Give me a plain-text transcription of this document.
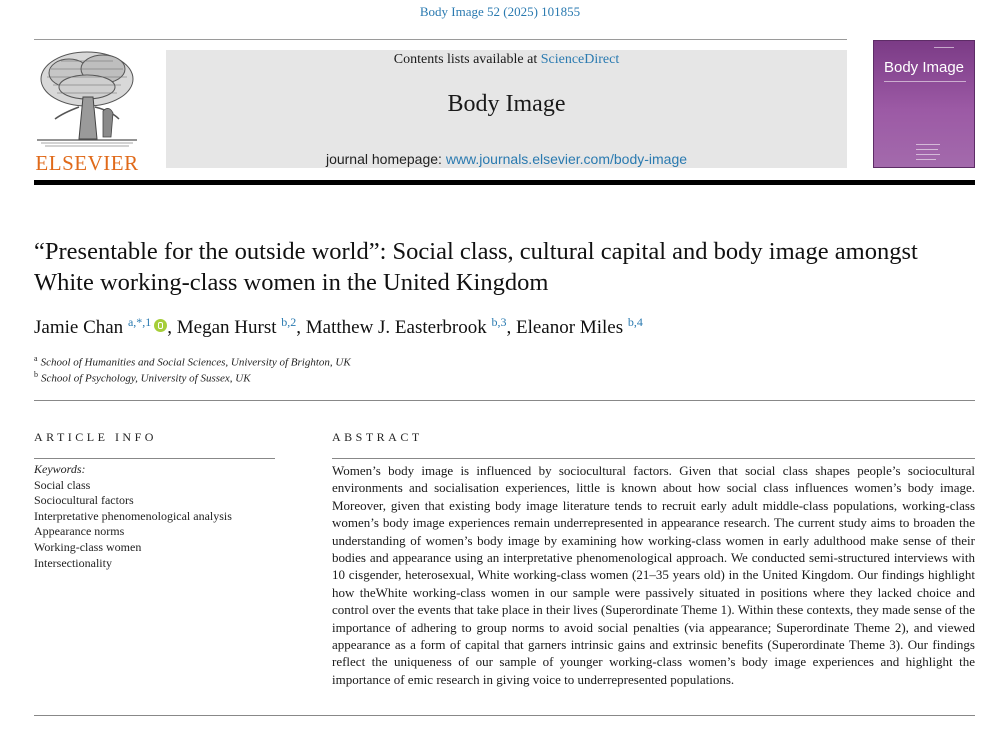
Body Image 52 (2025) 101855
ELSEVIER
Contents lists available at ScienceDirect
Body Image
journal homepage: www.journals.elsevier.com/body-image
Body Image
“Presentable for the outside world”: Social class, cultural capital and body image amongst White working-class women in the United Kingdom
Jamie Chan $^{a,*,1}$ , Megan Hurst $^{b,2}$, Matthew J. Easterbrook $^{b,3}$, Eleanor Miles $^{b,4}$
$^a$ School of Humanities and Social Sciences, University of Brighton, UK
$^b$ School of Psychology, University of Sussex, UK
ARTICLE INFO
Keywords:
Social class
Sociocultural factors
Interpretative phenomenological analysis
Appearance norms
Working-class women
Intersectionality
ABSTRACT

Women’s body image is influenced by sociocultural factors. Given that social class shapes people’s sociocultural environments and socialisation experiences, little is known about how social class influences women’s body image. Moreover, given that existing body image literature tends to recruit early adult middle-class populations, working-class women’s body image experiences remain underrepresented in appearance research. The current study aims to broaden the understanding of women’s body image by examining how working-class women in early adulthood make sense of their bodies and appearance using an interpretative phenomenological approach. We conducted semi-structured interviews with 10 cisgender, heterosexual, White working-class women (21–35 years old) in the United Kingdom. Our findings highlight how theWhite working-class women in our sample were passively situated in positions where they lacked choice and control over the events that take place in their lives (Superordinate Theme 1). Within these contexts, they made sense of the importance of adhering to group norms to avoid social penalties (via appearance; Superordinate Theme 2), and viewed appearance as a form of capital that garners intrinsic gains and extrinsic benefits (Superordinate Theme 3). Our findings reflect the uniqueness of our sample of younger working-class women’s body image experiences and highlight the importance of emic research in giving voice to underrepresented populations.
